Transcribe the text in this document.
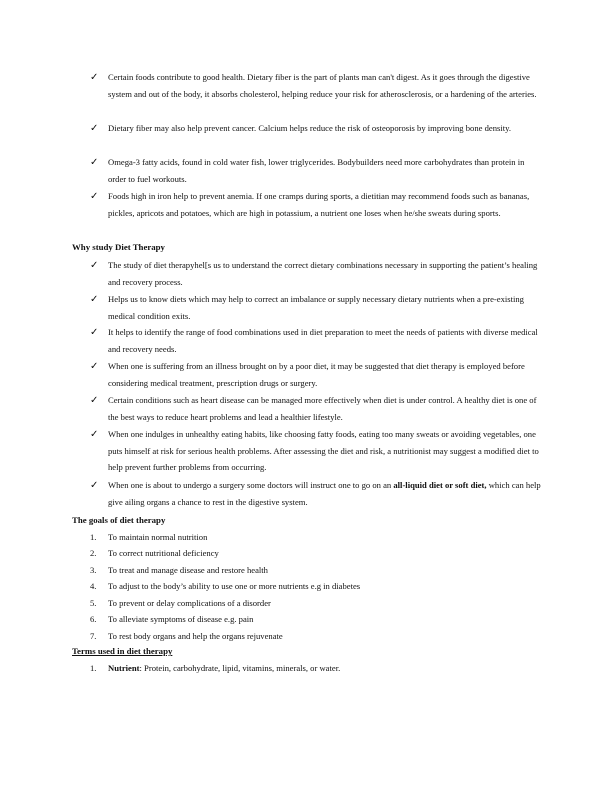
✓	Certain foods contribute to good health. Dietary fiber is the part of plants man can't digest. As it goes through the digestive system and out of the body, it absorbs cholesterol, helping reduce your risk for atherosclerosis, or a hardening of the arteries.
✓	Dietary fiber may also help prevent cancer. Calcium helps reduce the risk of osteoporosis by improving bone density.
✓	Omega-3 fatty acids, found in cold water fish, lower triglycerides. Bodybuilders need more carbohydrates than protein in order to fuel workouts.
✓	Foods high in iron help to prevent anemia. If one cramps during sports, a dietitian may recommend foods such as bananas, pickles, apricots and potatoes, which are high in potassium, a nutrient one loses when he/she sweats during sports.
Why study Diet Therapy
✓	The study of diet therapyhel[s us to understand the correct dietary combinations necessary in supporting the patient’s healing and recovery process.
✓	Helps us to know diets which may help to correct an imbalance or supply necessary dietary nutrients when a pre-existing medical condition exits.
✓	It helps to identify the range of food combinations used in diet preparation to meet the needs of patients with diverse medical and recovery needs.
✓	When one is suffering from an illness brought on by a poor diet, it may be suggested that diet therapy is employed before considering medical treatment, prescription drugs or surgery.
✓	Certain conditions such as heart disease can be managed more effectively when diet is under control. A healthy diet is one of the best ways to reduce heart problems and lead a healthier lifestyle.
✓	When one indulges in unhealthy eating habits, like choosing fatty foods, eating too many sweats or avoiding vegetables, one puts himself at risk for serious health problems. After assessing the diet and risk, a nutritionist may suggest a modified diet to help prevent further problems from occurring.
✓	When one is about to undergo a surgery some doctors will instruct one to go on an all-liquid diet or soft diet, which can help give ailing organs a chance to rest in the digestive system.
The goals of diet therapy
1.	To maintain normal nutrition
2.	To correct nutritional deficiency
3.	To treat and manage disease and restore health
4.	To adjust to the body’s ability to use one or more nutrients e.g in diabetes
5.	To prevent or delay complications of a disorder
6.	To alleviate symptoms of disease e.g. pain
7.	To rest body organs and help the organs rejuvenate
Terms used in diet therapy
1.	Nutrient: Protein, carbohydrate, lipid, vitamins, minerals, or water.
